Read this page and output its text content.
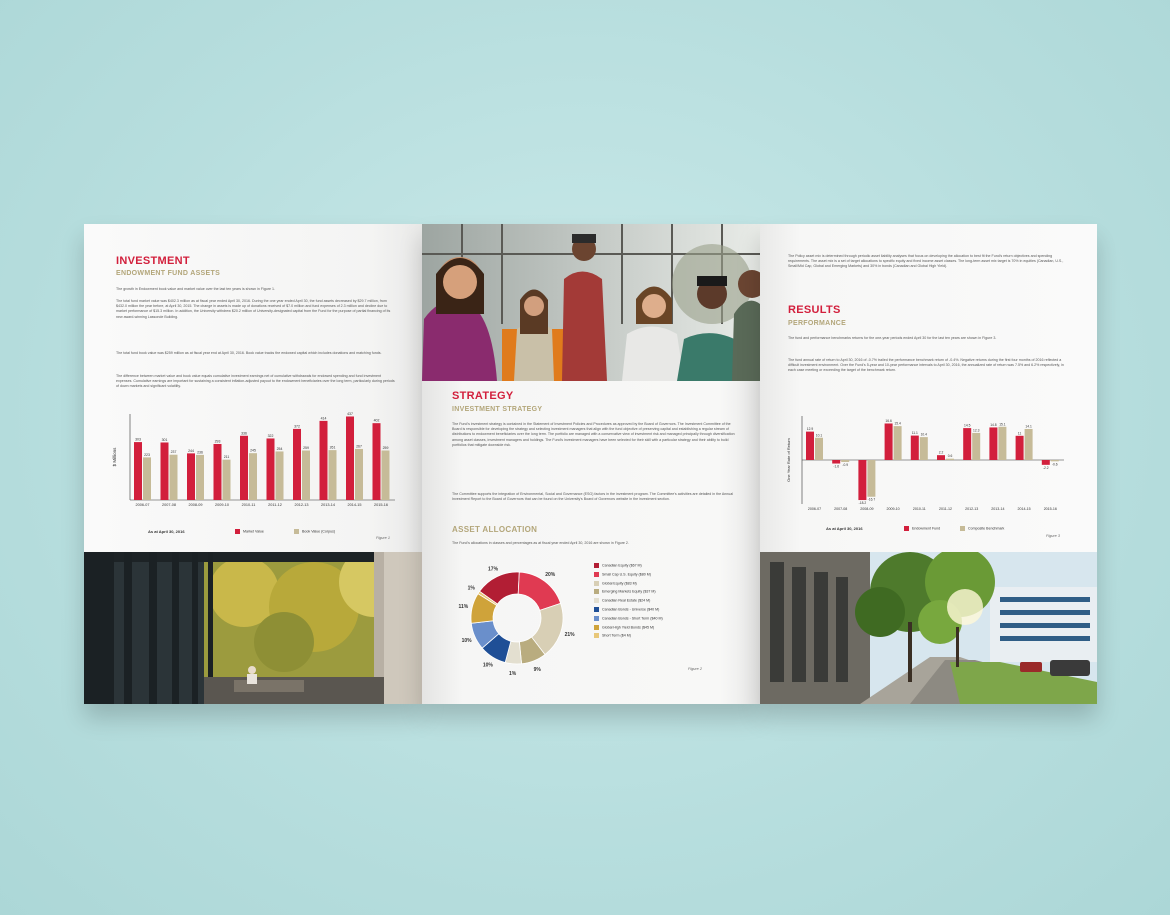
INVESTMENT
ENDOWMENT FUND ASSETS
The growth in Endowment book value and market value over the last ten years is shown in Figure 1.
The total fund market value was $402.3 million as at fiscal year ended April 30, 2016. During the one year ended April 30, the fund assets decreased by $29.7 million, from $432.0 million the year before, at April 30, 2015. The change in assets is made up of donations received of $7.0 million and fund expenses of 2.3 million and decline due to market performance of $15.3 million. In addition, the University withdrew $20.2 million of University-designated capital from the Fund for the purpose of partial financing of its new award-winning Lassonde Building.
The total fund book value was $259 million as at fiscal year end at April 30, 2016. Book value tracks the endowed capital which includes donations and matching funds.
The difference between market value and book value equals cumulative investment earnings net of cumulative withdrawals for endowed spending and fund investment expenses. Cumulative earnings are important for sustaining a consistent inflation-adjusted payout to the endowment beneficiaries over the long term, particularly during periods of down markets and significant volatility.
$ Millions
303
223
2006-07
301
237
2007-08
244 236
2008-09
293
211
2009-10
336
245
2010-11
322
254
2011-12
372
259
2012-13
414
261
2013-14
437
267
2014-15
402
259
2015-16
As at April 30, 2016	Market Value	Book Value (Corpus)
Figure 1
STRATEGY
INVESTMENT STRATEGY
The Fund's investment strategy is contained in the Statement of Investment Policies and Procedures as approved by the Board of Governors. The Investment Committee of the Board is responsible for developing the strategy and selecting investment managers that align with the fund objective of preserving capital and establishing a regular stream of distributions to endowment beneficiaries over the long term. The portfolio are managed with a conservative view of investment risk and managed principally through diversification among asset classes, investment managers and holdings. The Fund's investment managers have been selected for their skill with a particular strategy and their ability to build portfolios that mitigate downside risk.
The Committee supports the integration of Environmental, Social and Governance (ESG) factors in the investment program. The Committee's activities are detailed in the Annual Investment Report to the Board of Governors that can be found on the University's Board of Governors website in the investment section.
ASSET ALLOCATION
The Fund's allocations in classes and percentages as at fiscal year ended April 30, 2016 are shown in Figure 2.
17%
20%
21%
9%
1%
10%
10%
11%
1%
Canadian Equity ($67 M)
Small Cap U.S. Equity ($80 M)
Global Equity ($83 M)
Emerging Markets Equity ($37 M)
Canadian Real Estate ($24 M)
Canadian Bonds - Universe ($40 M)
Canadian Bonds - Short Term ($40 M)
Global High Yield Bonds ($45 M)
Short Term ($4 M)
Figure 2
The Policy asset mix is determined through periodic asset liability analyses that focus on developing the allocation to best fit the Fund's return objectives and spending requirements. The asset mix is a set of target allocations to specific equity and fixed income asset classes. The long-term asset mix target is 70% in equities (Canadian, U.S., Small/Mid Cap, Global and Emerging Markets) and 30% in bonds (Canadian and Global High Yield).
RESULTS
PERFORMANCE
The fund and performance benchmarks returns for the one-year periods ended April 30 for the last ten years are shown in Figure 3.
The fund annual rate of return to April 30, 2016 of -0.7% trailed the performance benchmark return of -0.4%. Negative returns during the first four months of 2016 reflected a difficult investment environment. Over the Fund's 5-year and 10-year performance intervals to April 30, 2016, the annualized rate of return was 7.5% and 6.2% respectively, in each case meeting or exceeding the target of the benchmark return.
One Year Rate of Return
12.9
10.1
2006-07
-1.6 -0.9
2007-08
-18.2
-16.7
2008-09
16.6
15.4
2009-10
11.1 10.4
2010-11
2.2
0.6
2011-12
14.5
12.3
2012-13
14.8 15.1
2013-14
11
14.1
2014-15
-2.2
-0.6
2015-16
As at April 30, 2016	Endowment Fund	Composite Benchmark
Figure 3
